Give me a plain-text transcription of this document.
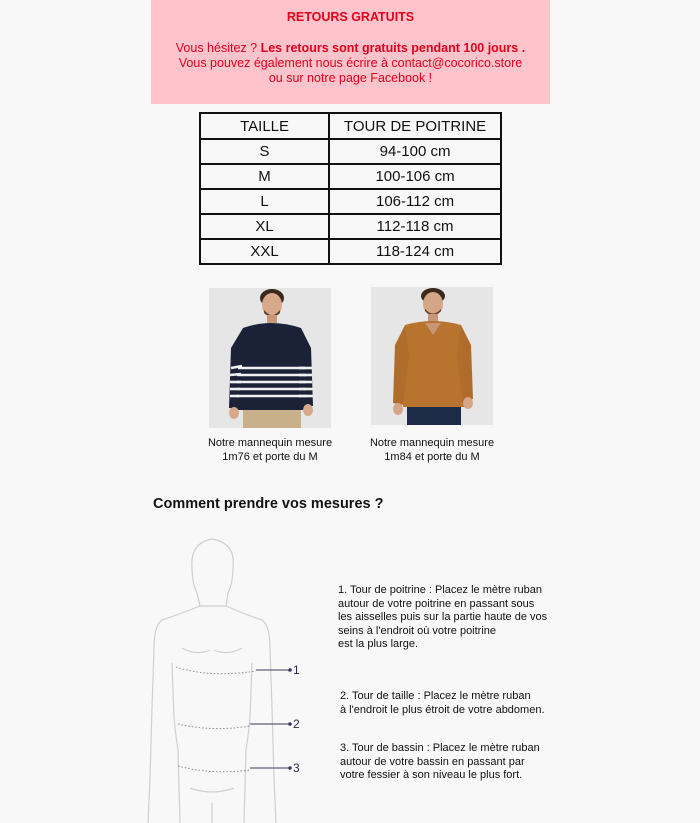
RETOURS GRATUITS
Vous hésitez ? Les retours sont gratuits pendant 100 jours .
Vous pouvez également nous écrire à contact@cocorico.store
ou sur notre page Facebook !
TAILLE	TOUR DE POITRINE
S	94-100 cm
M	100-106 cm
L	106-112 cm
XL	112-118 cm
XXL	118-124 cm
Notre mannequin mesure
1m76 et porte du M
Notre mannequin mesure
1m84 et porte du M
Comment prendre vos mesures ?
1
2
3
1. Tour de poitrine : Placez le mètre ruban
autour de votre poitrine en passant sous
les aisselles puis sur la partie haute de vos
seins à l'endroit où votre poitrine
est la plus large.
2. Tour de taille : Placez le mètre ruban
à l'endroit le plus étroit de votre abdomen.
3. Tour de bassin : Placez le mètre ruban
autour de votre bassin en passant par
votre fessier à son niveau le plus fort.
